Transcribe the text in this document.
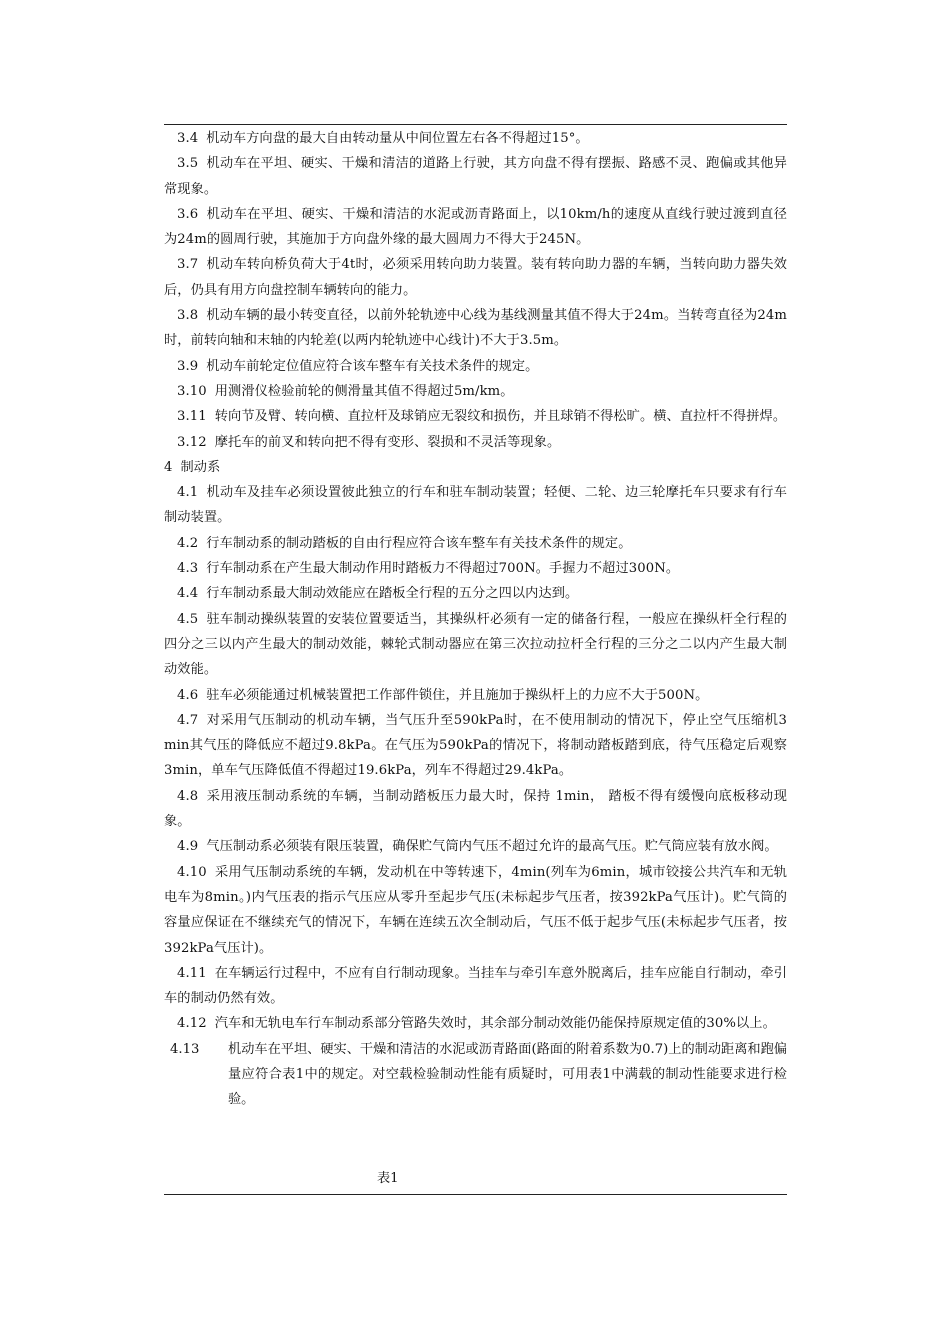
3.4 机动车方向盘的最大自由转动量从中间位置左右各不得超过15°。

3.5 机动车在平坦、硬实、干燥和清洁的道路上行驶，其方向盘不得有摆振、路感不灵、跑偏或其他异常现象。

3.6 机动车在平坦、硬实、干燥和清洁的水泥或沥青路面上，以10km/h的速度从直线行驶过渡到直径为24m的圆周行驶，其施加于方向盘外缘的最大圆周力不得大于245N。

3.7 机动车转向桥负荷大于4t时，必须采用转向助力装置。装有转向助力器的车辆，当转向助力器失效后，仍具有用方向盘控制车辆转向的能力。

3.8 机动车辆的最小转变直径，以前外轮轨迹中心线为基线测量其值不得大于24m。当转弯直径为24m时，前转向轴和末轴的内轮差(以两内轮轨迹中心线计)不大于3.5m。

3.9 机动车前轮定位值应符合该车整车有关技术条件的规定。

3.10 用测滑仪检验前轮的侧滑量其值不得超过5m/km。

3.11 转向节及臂、转向横、直拉杆及球销应无裂纹和损伤，并且球销不得松旷。横、直拉杆不得拼焊。

3.12 摩托车的前叉和转向把不得有变形、裂损和不灵活等现象。

4 制动系

4.1 机动车及挂车必须设置彼此独立的行车和驻车制动装置；轻便、二轮、边三轮摩托车只要求有行车制动装置。

4.2 行车制动系的制动踏板的自由行程应符合该车整车有关技术条件的规定。

4.3 行车制动系在产生最大制动作用时踏板力不得超过700N。手握力不超过300N。

4.4 行车制动系最大制动效能应在踏板全行程的五分之四以内达到。

4.5 驻车制动操纵装置的安装位置要适当，其操纵杆必须有一定的储备行程，一般应在操纵杆全行程的四分之三以内产生最大的制动效能，棘轮式制动器应在第三次拉动拉杆全行程的三分之二以内产生最大制动效能。

4.6 驻车必须能通过机械装置把工作部件锁住，并且施加于操纵杆上的力应不大于500N。

4.7 对采用气压制动的机动车辆，当气压升至590kPa时，在不使用制动的情况下，停止空气压缩机3 min其气压的降低应不超过9.8kPa。在气压为590kPa的情况下，将制动踏板踏到底，待气压稳定后观察3min，单车气压降低值不得超过19.6kPa，列车不得超过29.4kPa。

4.8 采用液压制动系统的车辆，当制动踏板压力最大时，保持 1min， 踏板不得有缓慢向底板移动现象。

4.9 气压制动系必须装有限压装置，确保贮气筒内气压不超过允许的最高气压。贮气筒应装有放水阀。

4.10 采用气压制动系统的车辆，发动机在中等转速下，4min(列车为6min，城市铰接公共汽车和无轨电车为8min。)内气压表的指示气压应从零升至起步气压(未标起步气压者，按392kPa气压计)。贮气筒的容量应保证在不继续充气的情况下，车辆在连续五次全制动后，气压不低于起步气压(未标起步气压者，按392kPa气压计)。

4.11 在车辆运行过程中，不应有自行制动现象。当挂车与牵引车意外脱离后，挂车应能自行制动，牵引车的制动仍然有效。

4.12 汽车和无轨电车行车制动系部分管路失效时，其余部分制动效能仍能保持原规定值的30%以上。

4.13	机动车在平坦、硬实、干燥和清洁的水泥或沥青路面(路面的附着系数为0.7)上的制动距离和跑偏量应符合表1中的规定。对空载检验制动性能有质疑时，可用表1中满载的制动性能要求进行检验。
表1
